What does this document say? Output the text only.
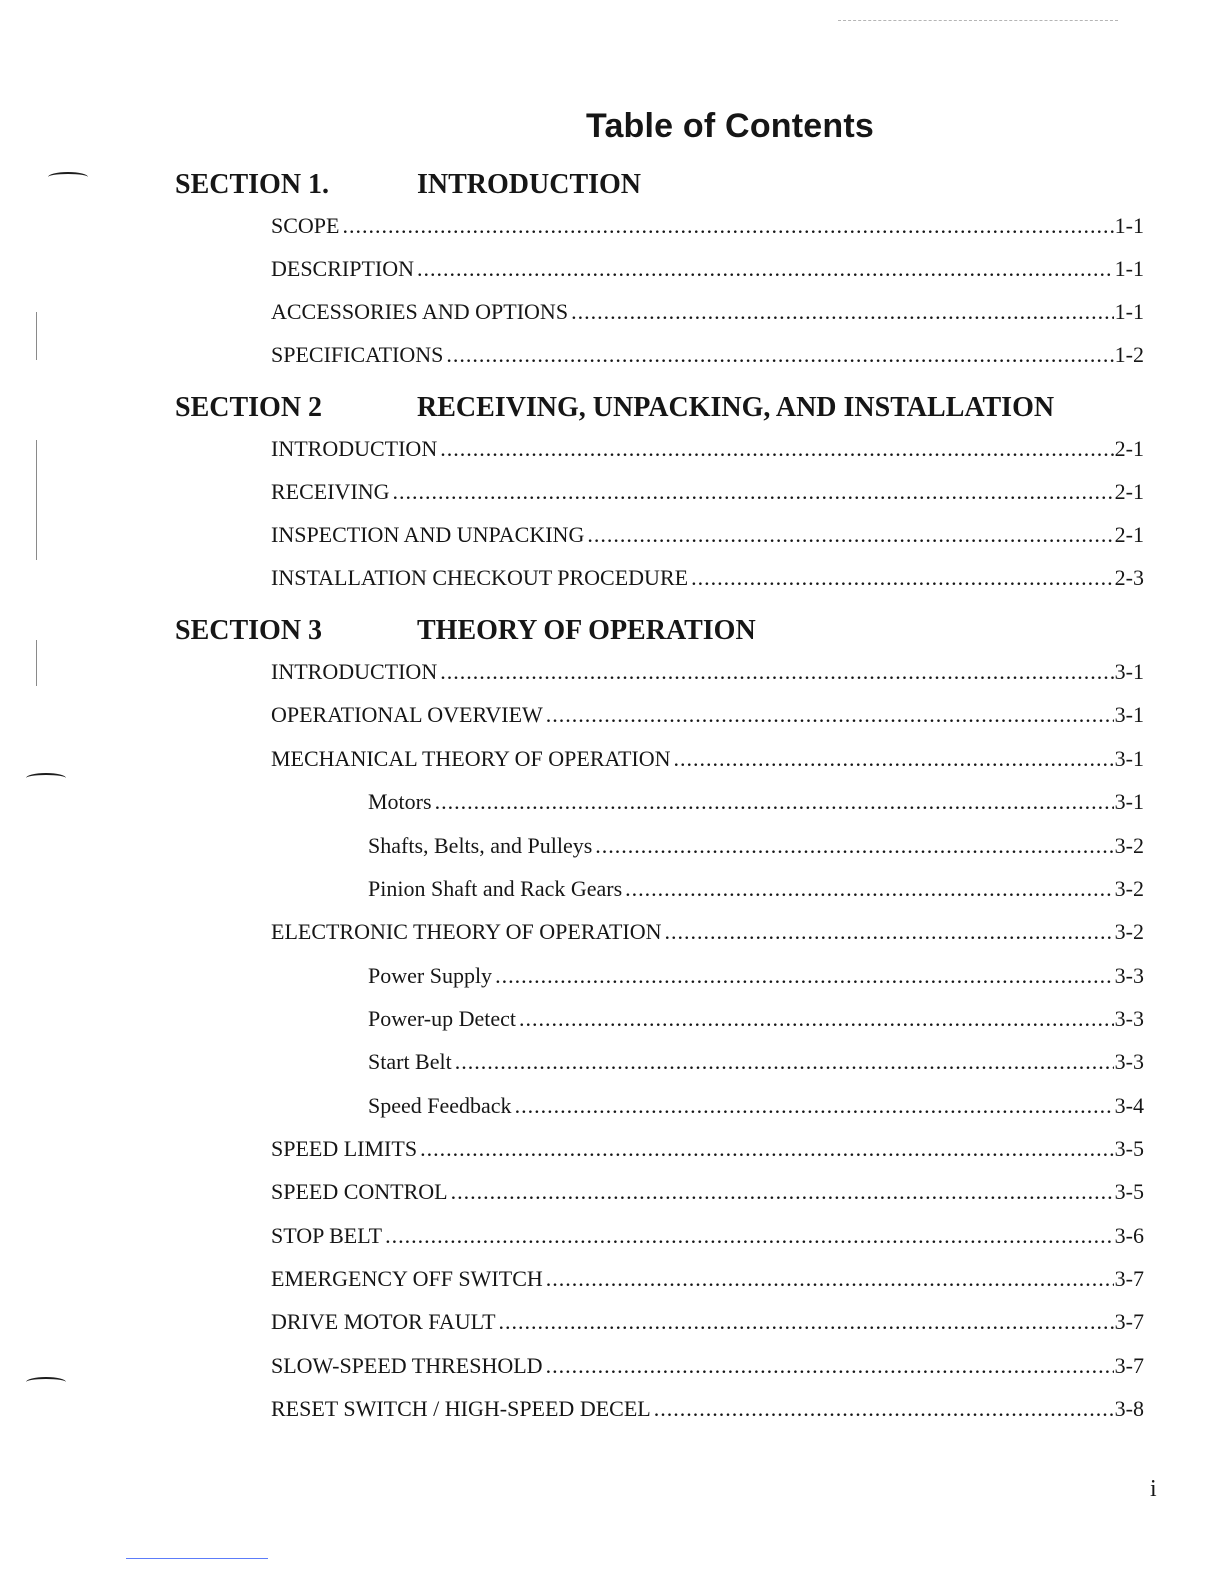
Table of Contents
SECTION 1.	INTRODUCTION
SCOPE .....	1-1
DESCRIPTION .....	1-1
ACCESSORIES AND OPTIONS .....	1-1
SPECIFICATIONS .....	1-2
SECTION 2	RECEIVING, UNPACKING, AND INSTALLATION
INTRODUCTION .....	2-1
RECEIVING .....	2-1
INSPECTION AND UNPACKING .....	2-1
INSTALLATION CHECKOUT PROCEDURE .....	2-3
SECTION 3	THEORY OF OPERATION
INTRODUCTION .....	3-1
OPERATIONAL OVERVIEW .....	3-1
MECHANICAL THEORY OF OPERATION .....	3-1
Motors .....	3-1
Shafts, Belts, and Pulleys .....	3-2
Pinion Shaft and Rack Gears .....	3-2
ELECTRONIC THEORY OF OPERATION .....	3-2
Power Supply .....	3-3
Power-up Detect .....	3-3
Start Belt .....	3-3
Speed Feedback .....	3-4
SPEED LIMITS .....	3-5
SPEED CONTROL .....	3-5
STOP BELT .....	3-6
EMERGENCY OFF SWITCH .....	3-7
DRIVE MOTOR FAULT .....	3-7
SLOW-SPEED THRESHOLD .....	3-7
RESET SWITCH / HIGH-SPEED DECEL .....	3-8
i
